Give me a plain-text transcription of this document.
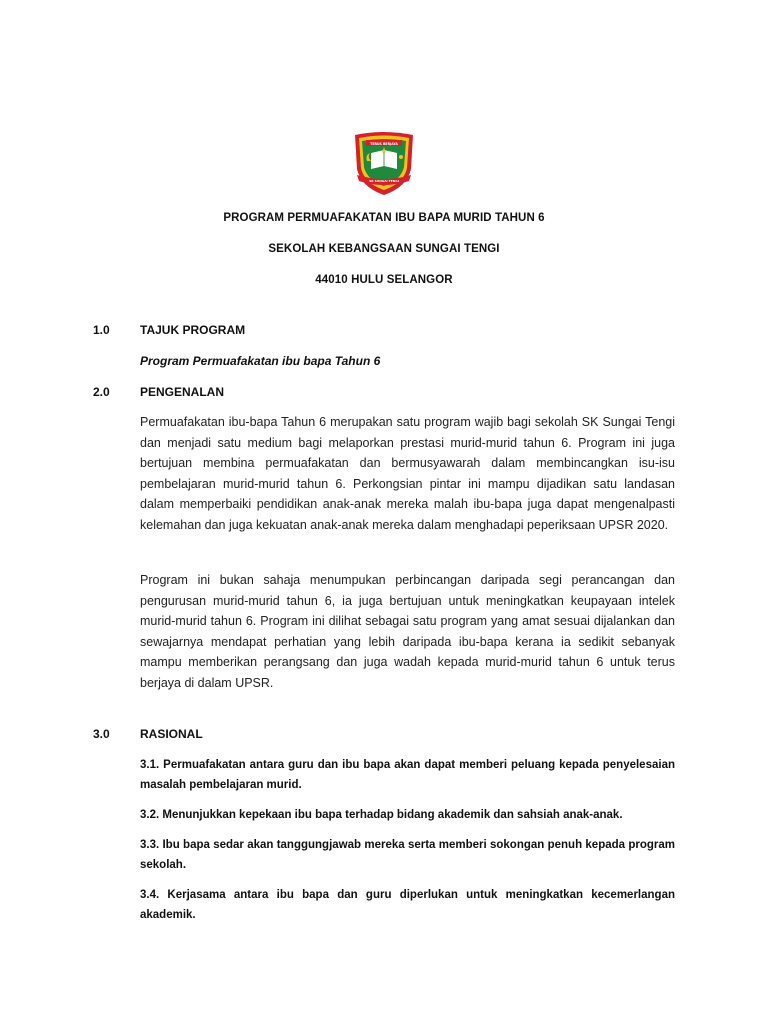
TERUS BERJAYA
SK SUNGAI TENGI
PROGRAM PERMUAFAKATAN IBU BAPA MURID TAHUN 6
SEKOLAH KEBANGSAAN SUNGAI TENGI
44010 HULU SELANGOR
1.0	TAJUK PROGRAM
Program Permuafakatan ibu bapa Tahun 6
2.0	PENGENALAN
Permuafakatan ibu-bapa Tahun 6 merupakan satu program wajib bagi sekolah SK Sungai Tengi dan menjadi satu medium bagi melaporkan prestasi murid-murid tahun 6. Program ini juga bertujuan membina permuafakatan dan bermusyawarah dalam membincangkan isu-isu pembelajaran murid-murid tahun 6. Perkongsian pintar ini mampu dijadikan satu landasan dalam memperbaiki pendidikan anak-anak mereka malah ibu-bapa juga dapat mengenalpasti kelemahan dan juga kekuatan anak-anak mereka dalam menghadapi peperiksaan UPSR 2020.
Program ini bukan sahaja menumpukan perbincangan daripada segi perancangan dan pengurusan murid-murid tahun 6, ia juga bertujuan untuk meningkatkan keupayaan intelek murid-murid tahun 6. Program ini dilihat sebagai satu program yang amat sesuai dijalankan dan sewajarnya mendapat perhatian yang lebih daripada ibu-bapa kerana ia sedikit sebanyak mampu memberikan perangsang dan juga wadah kepada murid-murid tahun 6 untuk terus berjaya di dalam UPSR.
3.0	RASIONAL
3.1. Permuafakatan antara guru dan ibu bapa akan dapat memberi peluang kepada penyelesaian masalah pembelajaran murid.
3.2. Menunjukkan kepekaan ibu bapa terhadap bidang akademik dan sahsiah anak-anak.
3.3. Ibu bapa sedar akan tanggungjawab mereka serta memberi sokongan penuh kepada program sekolah.
3.4. Kerjasama antara ibu bapa dan guru diperlukan untuk meningkatkan kecemerlangan akademik.
